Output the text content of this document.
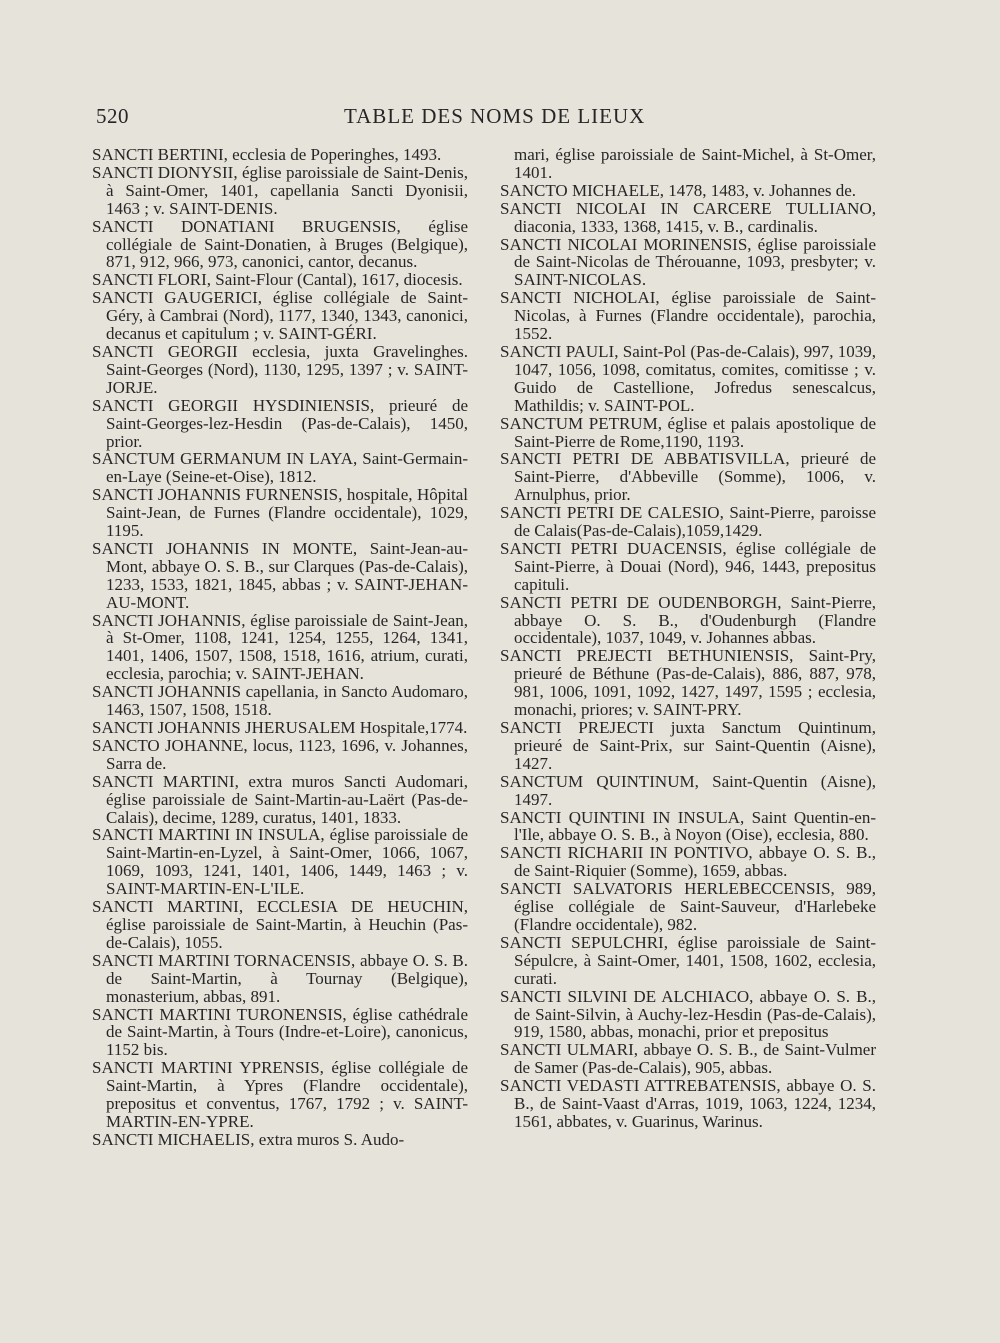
520	TABLE DES NOMS DE LIEUX

SANCTI BERTINI, ecclesia de Poperinghes, 1493.

SANCTI DIONYSII, église paroissiale de Saint-Denis, à Saint-Omer, 1401, capellania Sancti Dyonisii, 1463 ; v. SAINT-DENIS.

SANCTI DONATIANI BRUGENSIS, église collégiale de Saint-Donatien, à Bruges (Belgique), 871, 912, 966, 973, canonici, cantor, decanus.

SANCTI FLORI, Saint-Flour (Cantal), 1617, diocesis.

SANCTI GAUGERICI, église collégiale de Saint-Géry, à Cambrai (Nord), 1177, 1340, 1343, canonici, decanus et capitulum ; v. SAINT-GÉRI.

SANCTI GEORGII ecclesia, juxta Gravelinghes. Saint-Georges (Nord), 1130, 1295, 1397 ; v. SAINT-JORJE.

SANCTI GEORGII HYSDINIENSIS, prieuré de Saint-Georges-lez-Hesdin (Pas-de-Calais), 1450, prior.

SANCTUM GERMANUM IN LAYA, Saint-Germain-en-Laye (Seine-et-Oise), 1812.

SANCTI JOHANNIS FURNENSIS, hospitale, Hôpital Saint-Jean, de Furnes (Flandre occidentale), 1029, 1195.

SANCTI JOHANNIS IN MONTE, Saint-Jean-au-Mont, abbaye O. S. B., sur Clarques (Pas-de-Calais), 1233, 1533, 1821, 1845, abbas ; v. SAINT-JEHAN-AU-MONT.

SANCTI JOHANNIS, église paroissiale de Saint-Jean, à St-Omer, 1108, 1241, 1254, 1255, 1264, 1341, 1401, 1406, 1507, 1508, 1518, 1616, atrium, curati, ecclesia, parochia; v. SAINT-JEHAN.

SANCTI JOHANNIS capellania, in Sancto Audomaro, 1463, 1507, 1508, 1518.

SANCTI JOHANNIS JHERUSALEM Hospitale,1774.

SANCTO JOHANNE, locus, 1123, 1696, v. Johannes, Sarra de.

SANCTI MARTINI, extra muros Sancti Audomari, église paroissiale de Saint-Martin-au-Laërt (Pas-de-Calais), decime, 1289, curatus, 1401, 1833.

SANCTI MARTINI IN INSULA, église paroissiale de Saint-Martin-en-Lyzel, à Saint-Omer, 1066, 1067, 1069, 1093, 1241, 1401, 1406, 1449, 1463 ; v. SAINT-MARTIN-EN-L'ILE.

SANCTI MARTINI, ECCLESIA DE HEUCHIN, église paroissiale de Saint-Martin, à Heuchin (Pas-de-Calais), 1055.

SANCTI MARTINI TORNACENSIS, abbaye O. S. B. de Saint-Martin, à Tournay (Belgique), monasterium, abbas, 891.

SANCTI MARTINI TURONENSIS, église cathédrale de Saint-Martin, à Tours (Indre-et-Loire), canonicus, 1152 bis.

SANCTI MARTINI YPRENSIS, église collégiale de Saint-Martin, à Ypres (Flandre occidentale), prepositus et conventus, 1767, 1792 ; v. SAINT-MARTIN-EN-YPRE.

SANCTI MICHAELIS, extra muros S. Audo-

mari, église paroissiale de Saint-Michel, à St-Omer, 1401.

SANCTO MICHAELE, 1478, 1483, v. Johannes de.

SANCTI NICOLAI IN CARCERE TULLIANO, diaconia, 1333, 1368, 1415, v. B., cardinalis.

SANCTI NICOLAI MORINENSIS, église paroissiale de Saint-Nicolas de Thérouanne, 1093, presbyter; v. SAINT-NICOLAS.

SANCTI NICHOLAI, église paroissiale de Saint-Nicolas, à Furnes (Flandre occidentale), parochia, 1552.

SANCTI PAULI, Saint-Pol (Pas-de-Calais), 997, 1039, 1047, 1056, 1098, comitatus, comites, comitisse ; v. Guido de Castellione, Jofredus senescalcus, Mathildis; v. SAINT-POL.

SANCTUM PETRUM, église et palais apostolique de Saint-Pierre de Rome,1190, 1193.

SANCTI PETRI DE ABBATISVILLA, prieuré de Saint-Pierre, d'Abbeville (Somme), 1006, v. Arnulphus, prior.

SANCTI PETRI DE CALESIO, Saint-Pierre, paroisse de Calais(Pas-de-Calais),1059,1429.

SANCTI PETRI DUACENSIS, église collégiale de Saint-Pierre, à Douai (Nord), 946, 1443, prepositus capituli.

SANCTI PETRI DE OUDENBORGH, Saint-Pierre, abbaye O. S. B., d'Oudenburgh (Flandre occidentale), 1037, 1049, v. Johannes abbas.

SANCTI PREJECTI BETHUNIENSIS, Saint-Pry, prieuré de Béthune (Pas-de-Calais), 886, 887, 978, 981, 1006, 1091, 1092, 1427, 1497, 1595 ; ecclesia, monachi, priores; v. SAINT-PRY.

SANCTI PREJECTI juxta Sanctum Quintinum, prieuré de Saint-Prix, sur Saint-Quentin (Aisne), 1427.

SANCTUM QUINTINUM, Saint-Quentin (Aisne), 1497.

SANCTI QUINTINI IN INSULA, Saint Quentin-en-l'Ile, abbaye O. S. B., à Noyon (Oise), ecclesia, 880.

SANCTI RICHARII IN PONTIVO, abbaye O. S. B., de Saint-Riquier (Somme), 1659, abbas.

SANCTI SALVATORIS HERLEBECCENSIS, 989, église collégiale de Saint-Sauveur, d'Harlebeke (Flandre occidentale), 982.

SANCTI SEPULCHRI, église paroissiale de Saint-Sépulcre, à Saint-Omer, 1401, 1508, 1602, ecclesia, curati.

SANCTI SILVINI DE ALCHIACO, abbaye O. S. B., de Saint-Silvin, à Auchy-lez-Hesdin (Pas-de-Calais), 919, 1580, abbas, monachi, prior et prepositus

SANCTI ULMARI, abbaye O. S. B., de Saint-Vulmer de Samer (Pas-de-Calais), 905, abbas.

SANCTI VEDASTI ATTREBATENSIS, abbaye O. S. B., de Saint-Vaast d'Arras, 1019, 1063, 1224, 1234, 1561, abbates, v. Guarinus, Warinus.
